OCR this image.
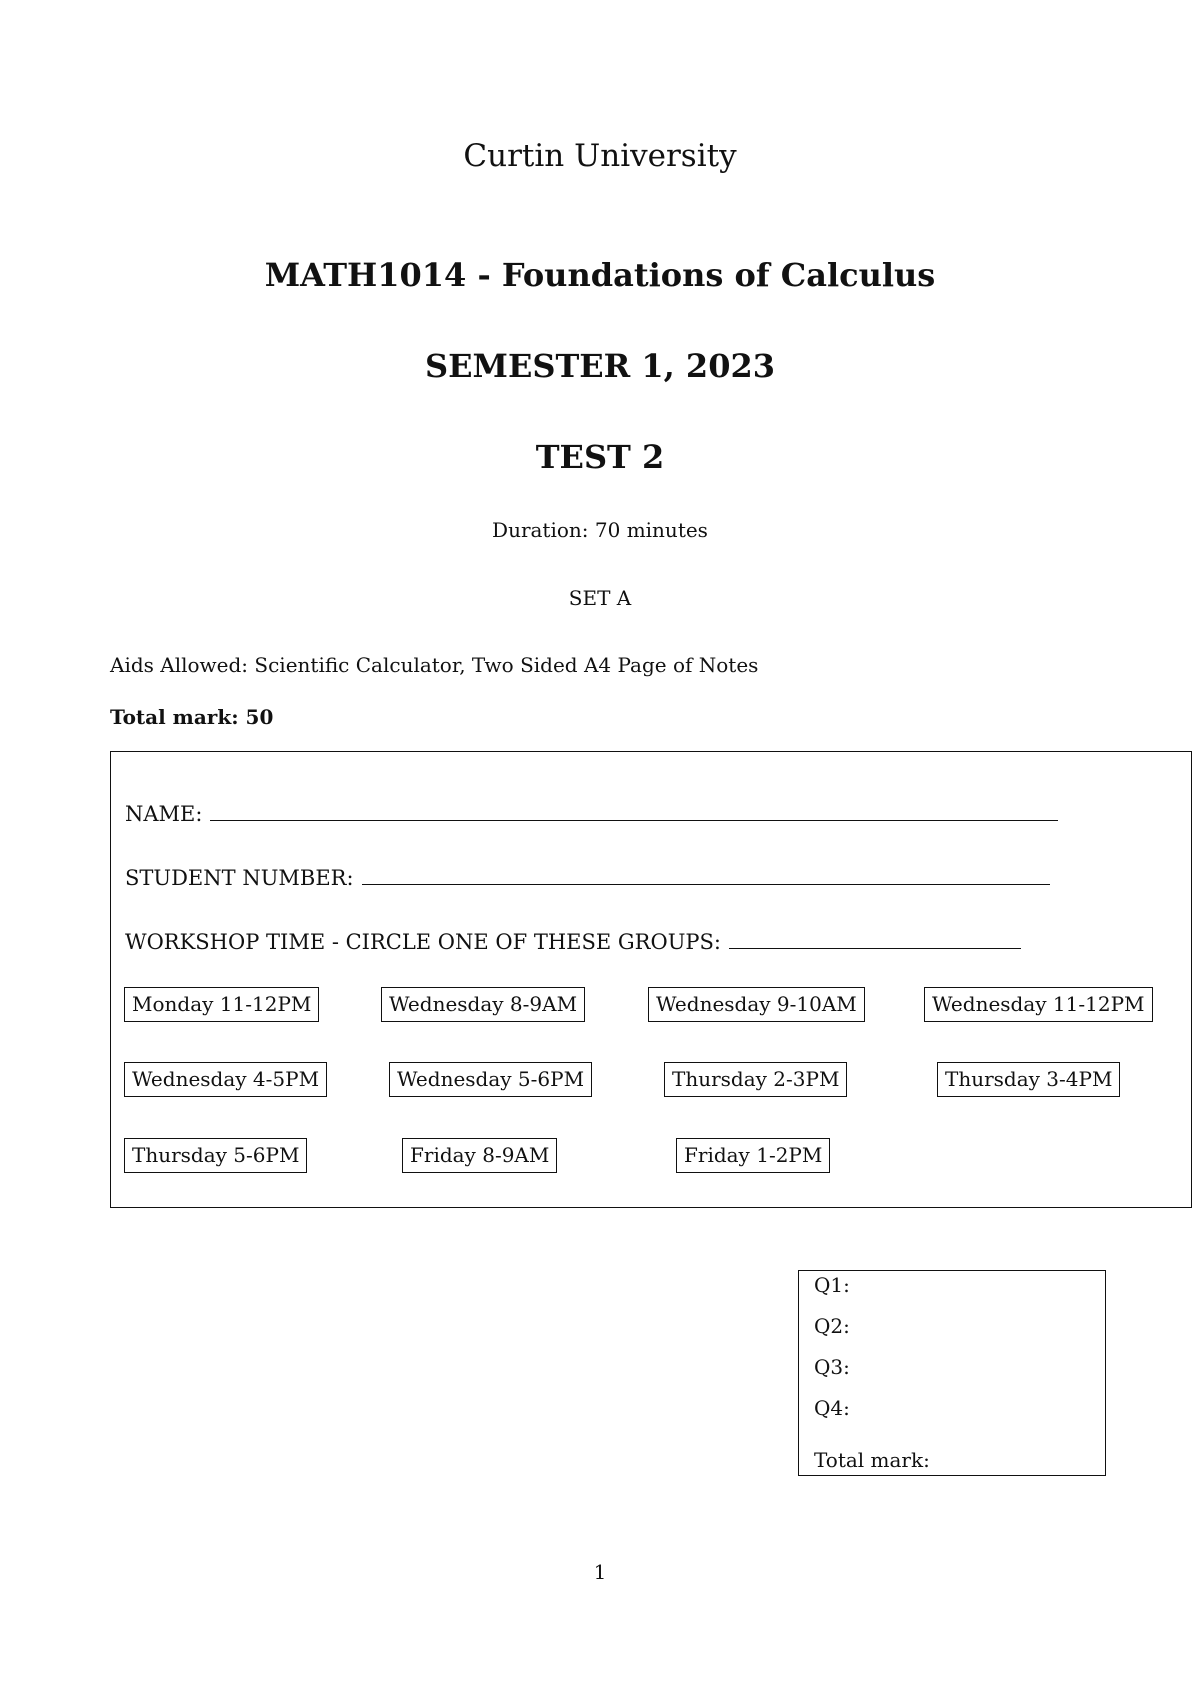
Curtin University
MATH1014 - Foundations of Calculus
SEMESTER 1, 2023
TEST 2
Duration: 70 minutes
SET A
Aids Allowed: Scientific Calculator, Two Sided A4 Page of Notes
Total mark: 50
NAME:
STUDENT NUMBER:
WORKSHOP TIME - CIRCLE ONE OF THESE GROUPS:
Monday 11-12PM	Wednesday 8-9AM	Wednesday 9-10AM	Wednesday 11-12PM
Wednesday 4-5PM	Wednesday 5-6PM	Thursday 2-3PM	Thursday 3-4PM
Thursday 5-6PM	Friday 8-9AM	Friday 1-2PM
Q1:
Q2:
Q3:
Q4:
Total mark:
1
